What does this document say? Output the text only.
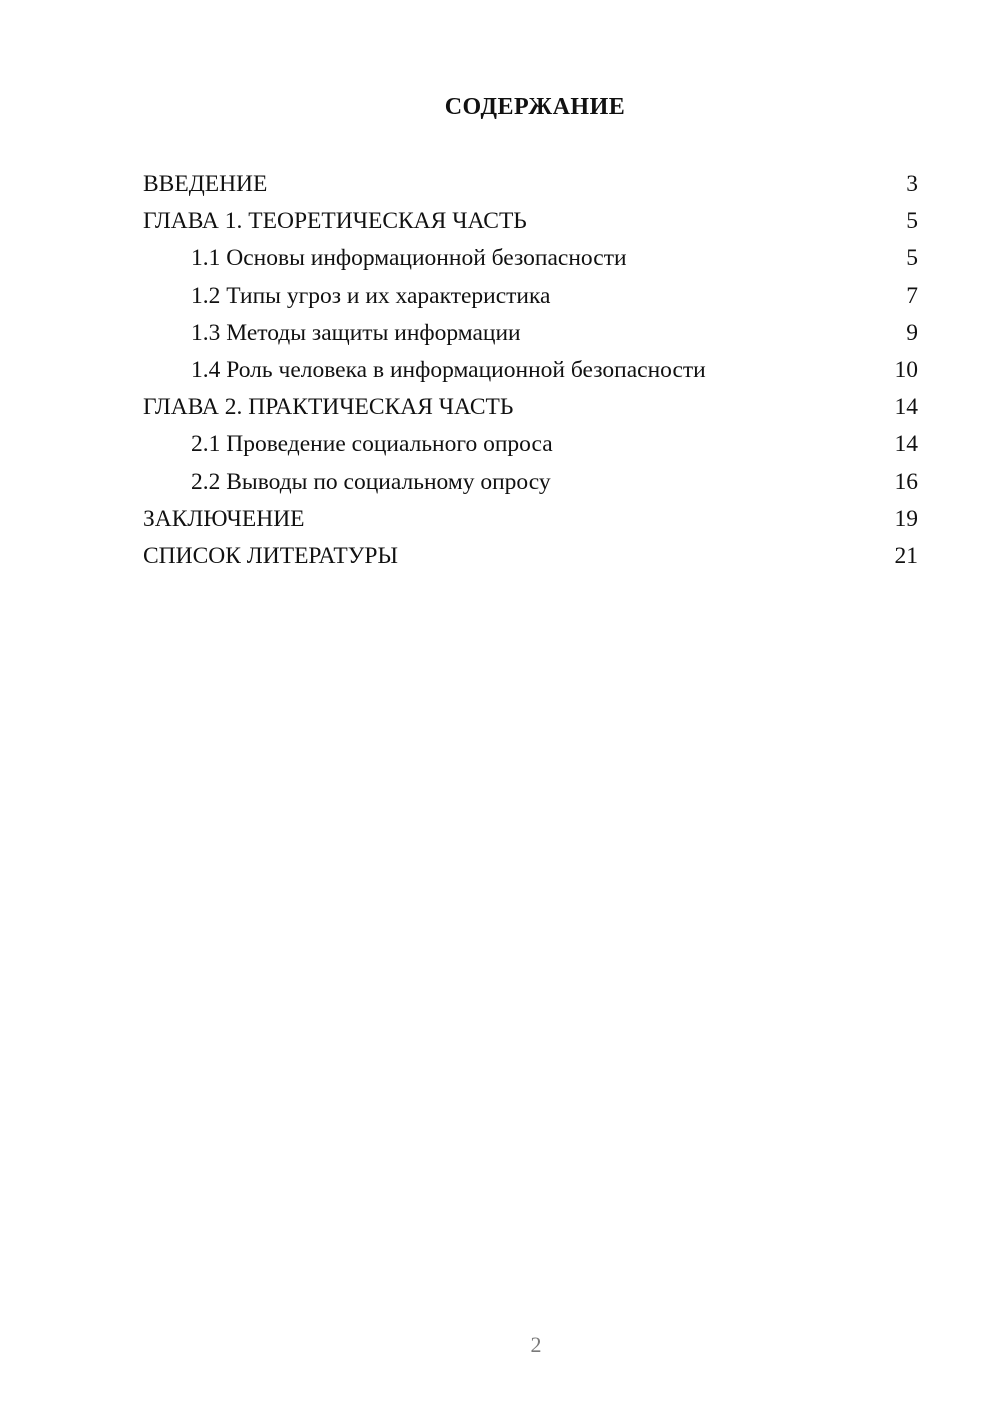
СОДЕРЖАНИЕ
ВВЕДЕНИЕ	3
ГЛАВА 1. ТЕОРЕТИЧЕСКАЯ ЧАСТЬ	5
1.1 Основы информационной безопасности	5
1.2 Типы угроз и их характеристика	7
1.3 Методы защиты информации	9
1.4 Роль человека в информационной безопасности	10
ГЛАВА 2. ПРАКТИЧЕСКАЯ ЧАСТЬ	14
2.1 Проведение социального опроса	14
2.2 Выводы по социальному опросу	16
ЗАКЛЮЧЕНИЕ	19
СПИСОК ЛИТЕРАТУРЫ	21
2
